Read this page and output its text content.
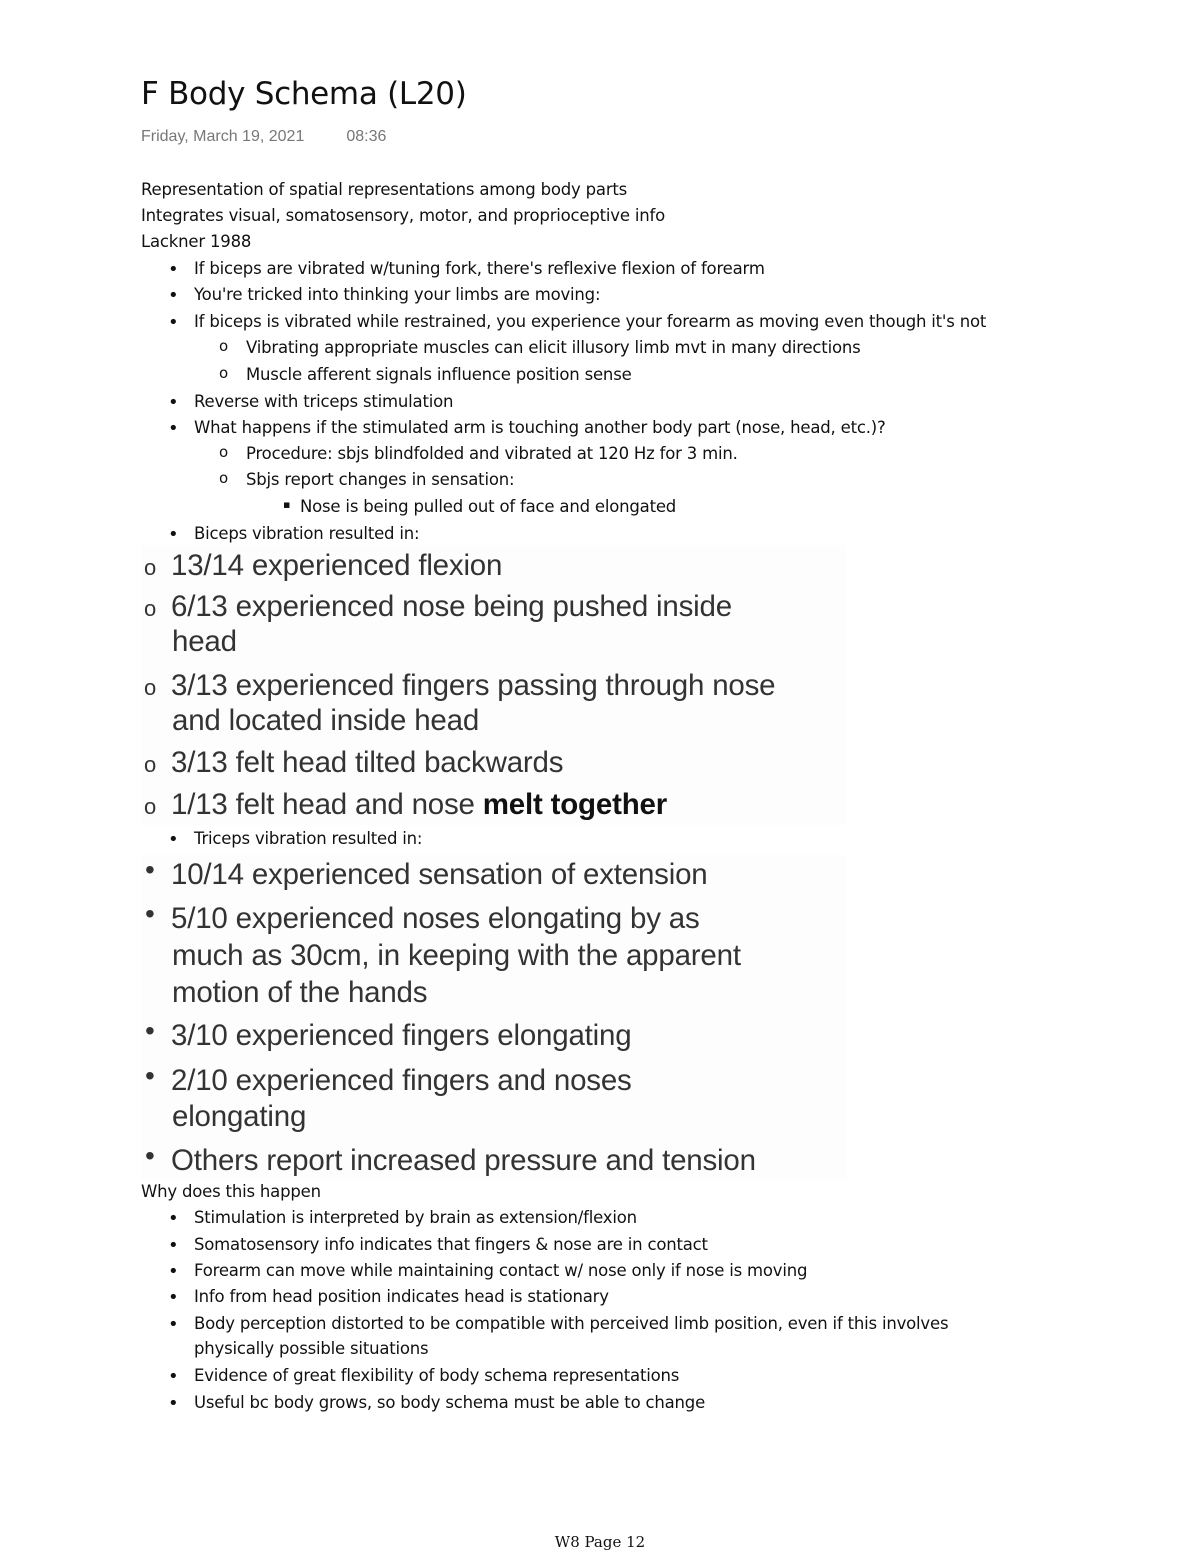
F Body Schema (L20)
Friday, March 19, 2021	08:36
Representation of spatial representations among body parts
Integrates visual, somatosensory, motor, and proprioceptive info
Lackner 1988
• If biceps are vibrated w/tuning fork, there's reflexive flexion of forearm
• You're tricked into thinking your limbs are moving:
• If biceps is vibrated while restrained, you experience your forearm as moving even though it's not
o Vibrating appropriate muscles can elicit illusory limb mvt in many directions
o Muscle afferent signals influence position sense
• Reverse with triceps stimulation
• What happens if the stimulated arm is touching another body part (nose, head, etc.)?
o Procedure: sbjs blindfolded and vibrated at 120 Hz for 3 min.
o Sbjs report changes in sensation:
▪ Nose is being pulled out of face and elongated
• Biceps vibration resulted in:
o 13/14 experienced flexion
o 6/13 experienced nose being pushed inside
head
o 3/13 experienced fingers passing through nose
and located inside head
o 3/13 felt head tilted backwards
o 1/13 felt head and nose melt together
• Triceps vibration resulted in:
• 10/14 experienced sensation of extension
• 5/10 experienced noses elongating by as
much as 30cm, in keeping with the apparent
motion of the hands
• 3/10 experienced fingers elongating
• 2/10 experienced fingers and noses
elongating
• Others report increased pressure and tension
Why does this happen
• Stimulation is interpreted by brain as extension/flexion
• Somatosensory info indicates that fingers & nose are in contact
• Forearm can move while maintaining contact w/ nose only if nose is moving
• Info from head position indicates head is stationary
• Body perception distorted to be compatible with perceived limb position, even if this involves
physically possible situations
• Evidence of great flexibility of body schema representations
• Useful bc body grows, so body schema must be able to change
W8 Page 12
